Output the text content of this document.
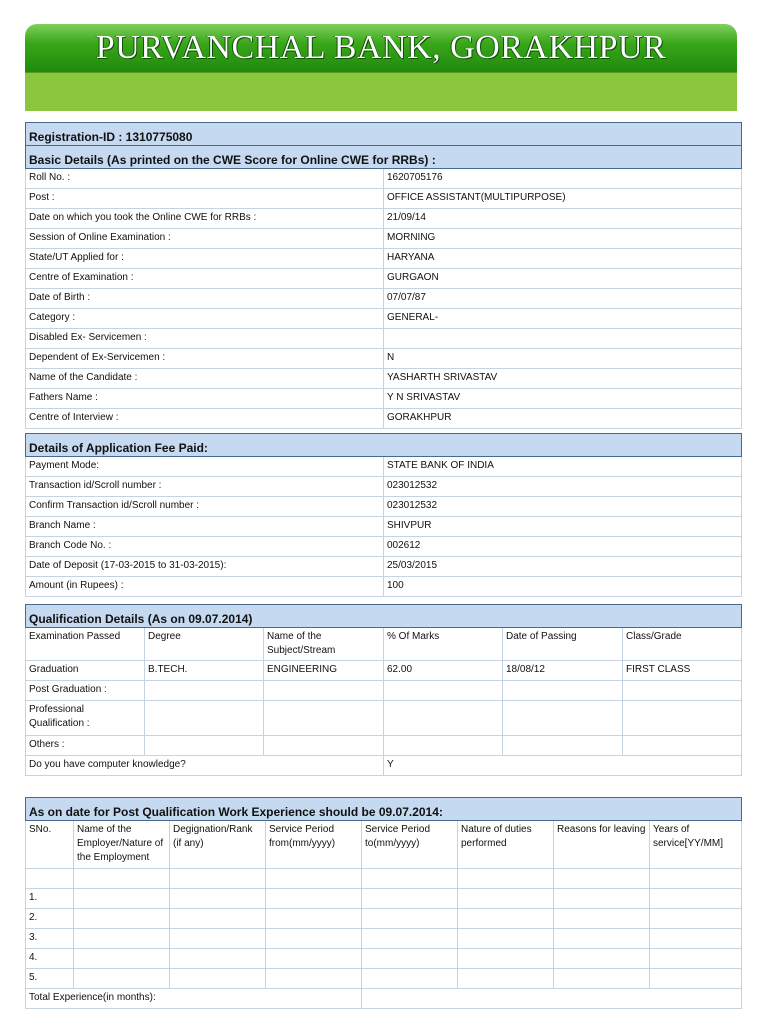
PURVANCHAL BANK, GORAKHPUR
Registration-ID : 1310775080	
Basic Details (As printed on the CWE Score for Online CWE for RRBs) :	
Roll No. :	1620705176
Post :	OFFICE ASSISTANT(MULTIPURPOSE)
Date on which you took the Online CWE for RRBs :	21/09/14
Session of Online Examination :	MORNING
State/UT Applied for :	HARYANA
Centre of Examination :	GURGAON
Date of Birth :	07/07/87
Category :	GENERAL-
Disabled Ex- Servicemen :	
Dependent of Ex-Servicemen :	N
Name of the Candidate :	YASHARTH SRIVASTAV
Fathers Name :	Y N SRIVASTAV
Centre of Interview :	GORAKHPUR
Details of Application Fee Paid:	
Payment Mode:	STATE BANK OF INDIA
Transaction id/Scroll number :	023012532
Confirm Transaction id/Scroll number :	023012532
Branch Name :	SHIVPUR
Branch Code No. :	002612
Date of Deposit (17-03-2015 to 31-03-2015):	25/03/2015
Amount (in Rupees) :	100
Qualification Details (As on 09.07.2014)					
Examination Passed	Degree	Name of the Subject/Stream	% Of Marks	Date of Passing	Class/Grade
Graduation	B.TECH.	ENGINEERING	62.00	18/08/12	FIRST CLASS
Post Graduation :					
Professional Qualification :					
Others :					
Do you have computer knowledge?			Y		
As on date for Post Qualification Work Experience should be 09.07.2014:							
SNo.	Name of the Employer/Nature of the Employment	Degignation/Rank (if any)	Service Period from(mm/yyyy)	Service Period to(mm/yyyy)	Nature of duties performed	Reasons for leaving	Years of service[YY/MM]

1.							
2.							
3.							
4.							
5.							
Total Experience(in months):							
